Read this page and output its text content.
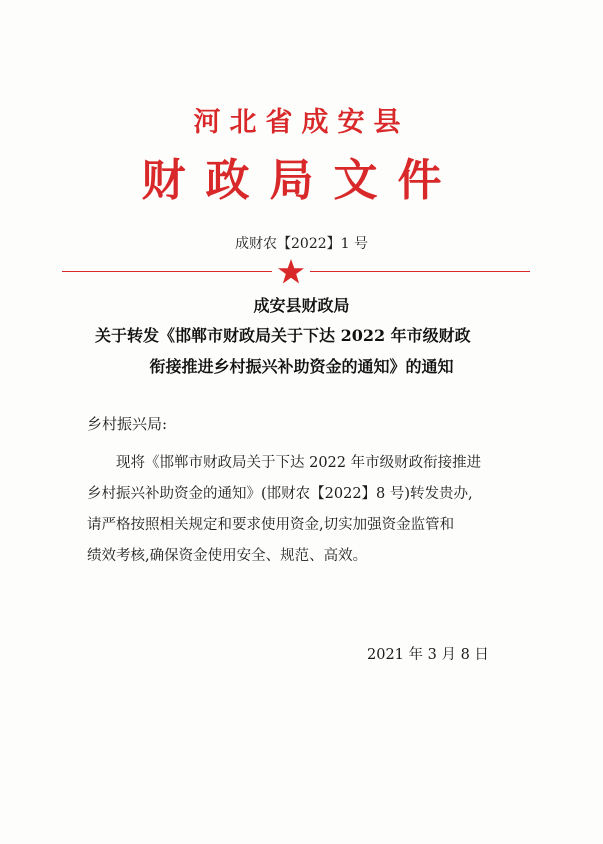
河北省成安县
财政局文件
成财农【2022】1 号
成安县财政局
关于转发《邯郸市财政局关于下达 2022 年市级财政
衔接推进乡村振兴补助资金的通知》的通知
乡村振兴局:
现将《邯郸市财政局关于下达 2022 年市级财政衔接推进
乡村振兴补助资金的通知》(邯财农【2022】8 号)转发贵办,
请严格按照相关规定和要求使用资金,切实加强资金监管和
绩效考核,确保资金使用安全、规范、高效。
2021 年 3 月 8 日
